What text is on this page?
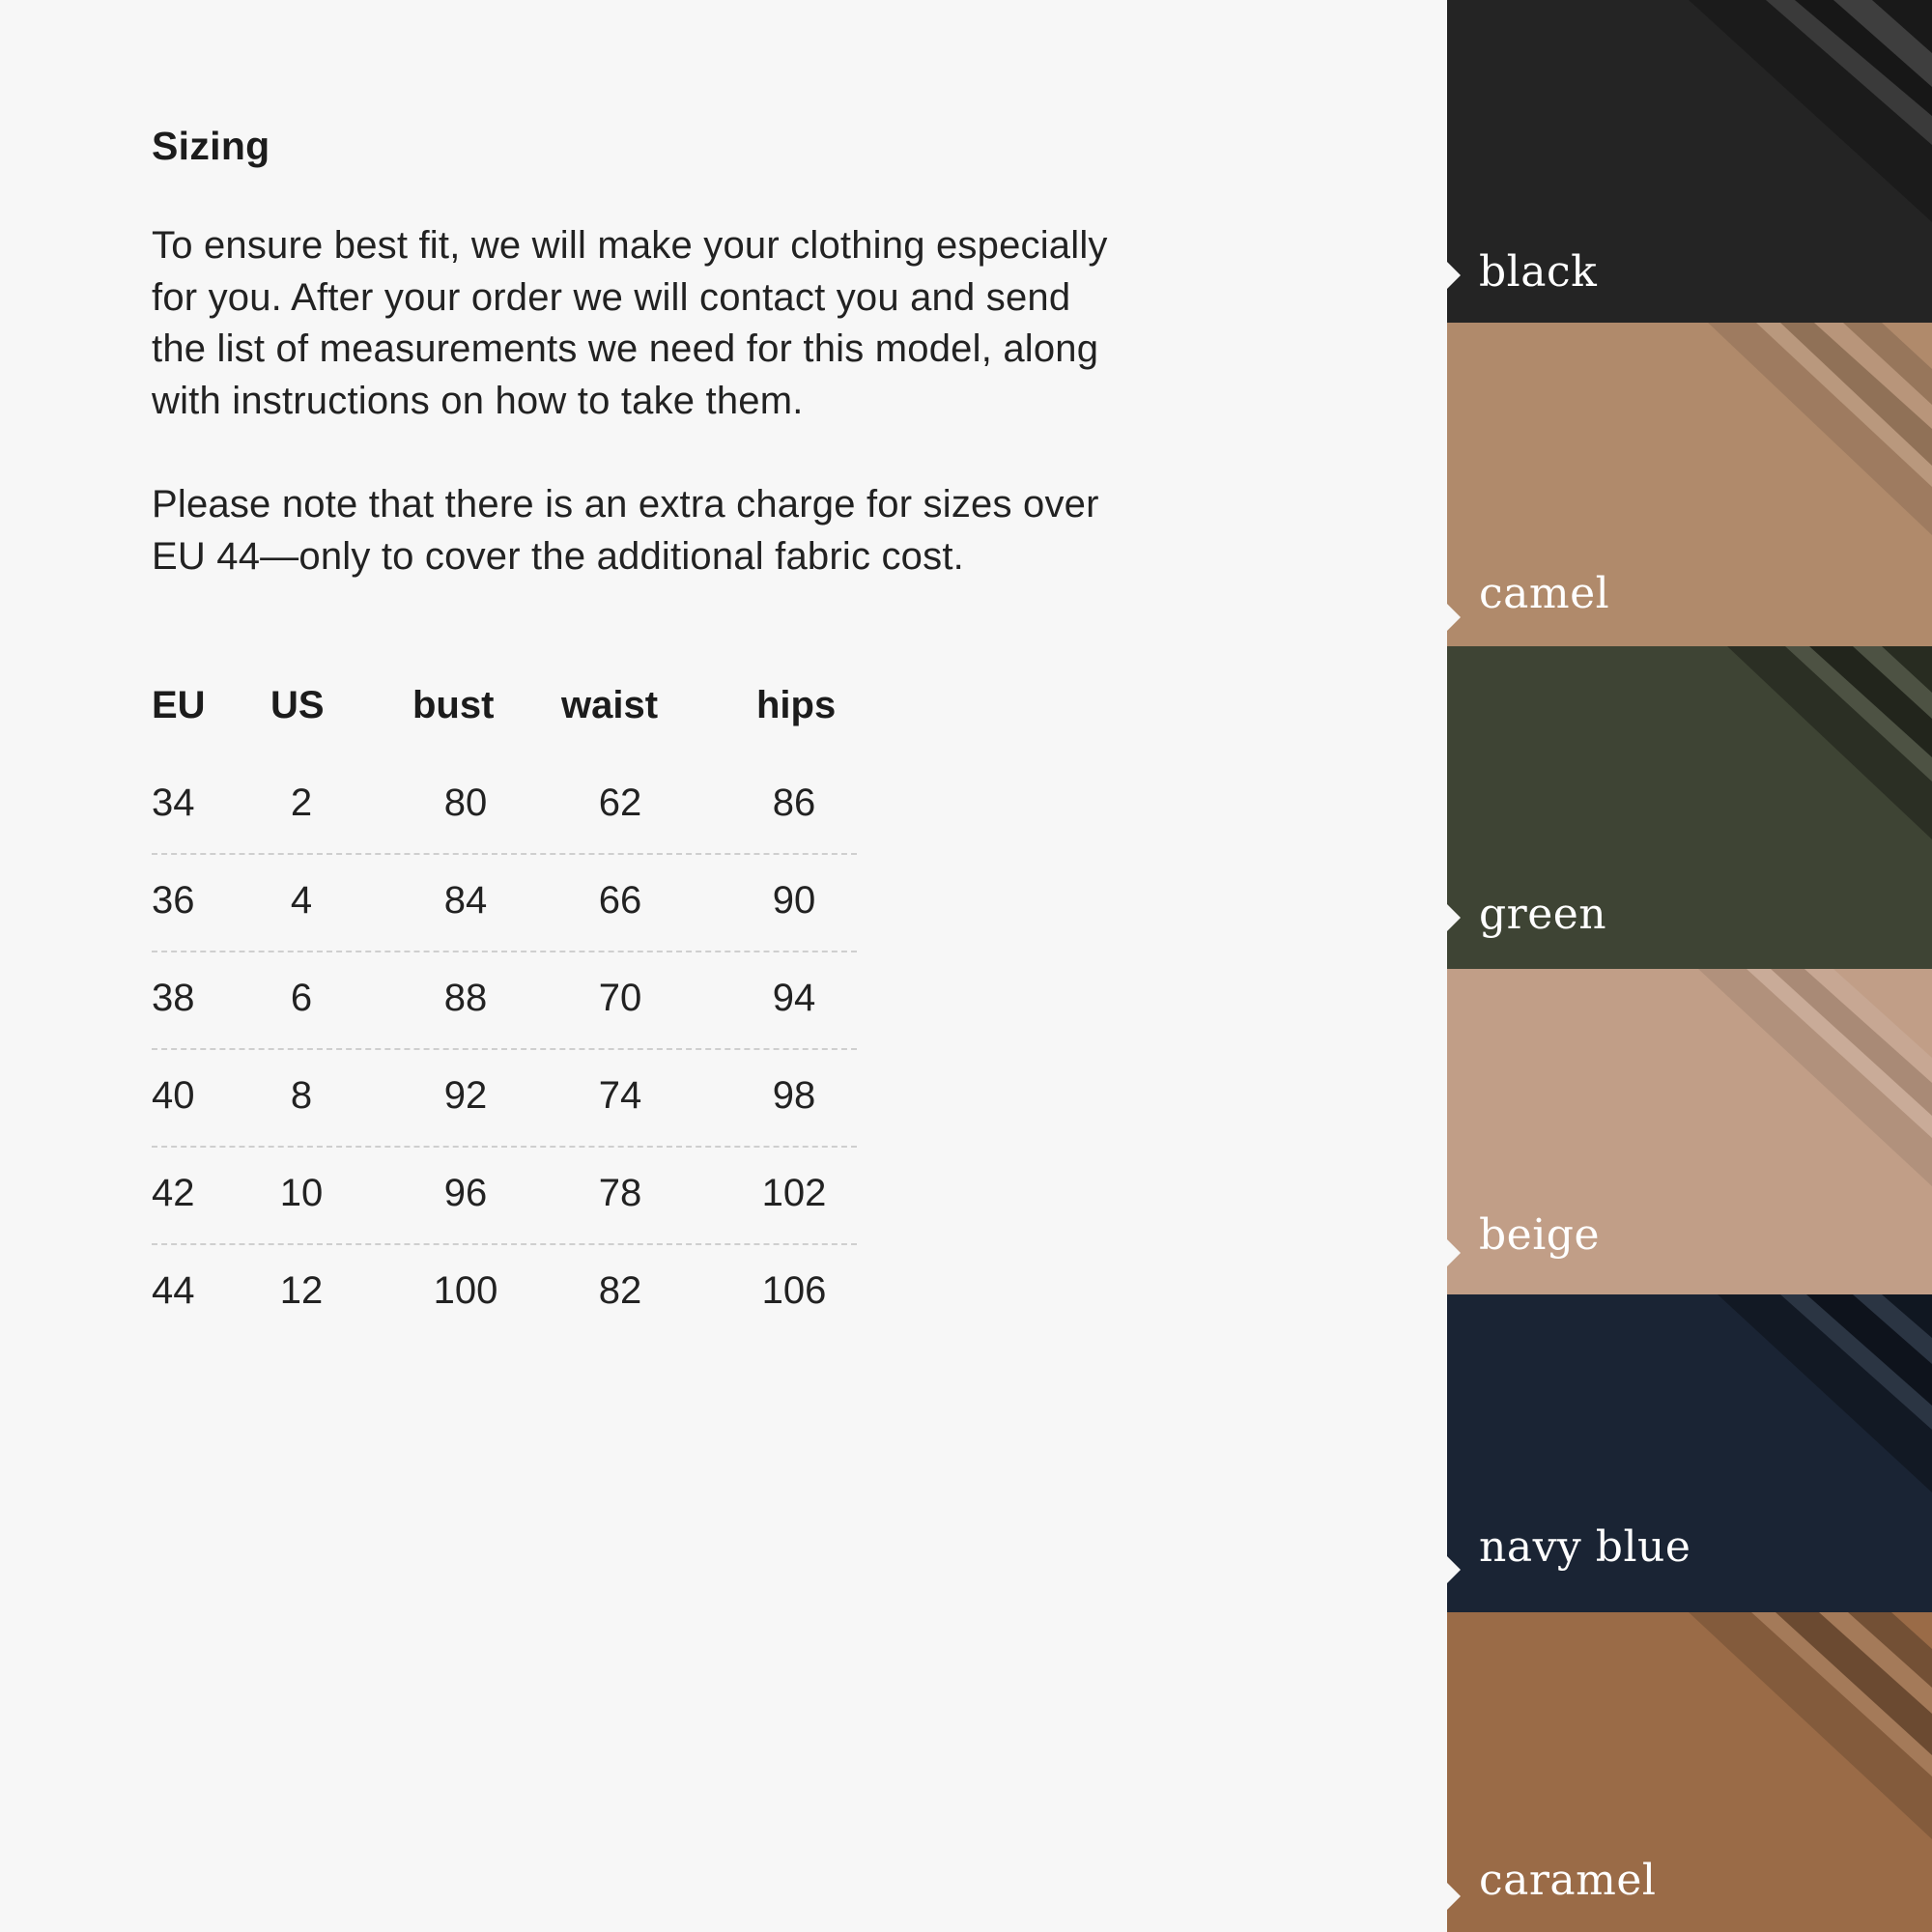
Sizing
To ensure best fit, we will make your clothing especially
for you. After your order we will contact you and send
the list of measurements we need for this model, along
with instructions on how to take them.
Please note that there is an extra charge for sizes over
EU 44—only to cover the additional fabric cost.
EU US	bust	waist	hips
34	2	80	62	86
36	4	84	66	90
38	6	88	70	94
40	8	92	74	98
42	10	96	78	102
44	12	100	82	106
black
camel
green
beige
navy blue
caramel
